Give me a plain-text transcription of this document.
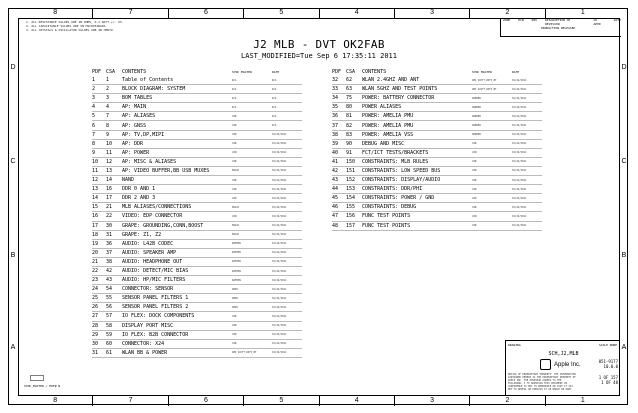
8	7	6	5	4	3	2	1
8	7	6	5	4	3	2	1
D
C
B
A
D
C
B
A
1. ALL RESISTANCE VALUES ARE IN OHMS, 0.1 WATT +/- 5%.
2. ALL CAPACITANCE VALUES ARE IN MICROFARADS.
3. ALL CRYSTALS & OSCILLATOR VALUES ARE IN HERTZ.
ZONE	ECN	REV	DESCRIPTION OF REVISION
CK APPD
DATE
PRODUCTION RELEASED
J2 MLB - DVT OK2FAB
LAST_MODIFIED=Tue Sep 6 17:35:11 2011
PDF CSA	CONTENTS	SYNC MASTER	DATE
1	1	Table of Contents	N/A	N/A
2	2	BLOCK DIAGRAM: SYSTEM	N/A	N/A
3	3	BOM TABLES	N/A	N/A
4	4	AP: MAIN	N/A	N/A
5	7	AP: ALIASES	JON	N/A
6	8	AP: GNSS	JON	N/A
7	9	AP: TV,DP,MIPI	JON	01/22/2011
8	10	AP: DDR	JON	01/22/2011
9	11	AP: POWER	JON	01/22/2011
10	12	AP: MISC & ALIASES	JON	01/22/2011
11	13	AP: VIDEO BUFFER,BB USB MUXES	MAGIC	01/22/2011
12	14	NAND	JON	01/22/2011
13	16	DDR 0 AND 1	JON	01/22/2011
14	17	DDR 2 AND 3	JON	01/22/2011
15	21	MLB ALIASES/CONNECTIONS	MAGIC	01/22/2011
16	22	VIDEO: EDP CONNECTOR	JON	01/22/2011
17	30	GRAPE: GROUNDING,CONN,BOOST	MAGIC	01/22/2011
18	31	GRAPE: Z1, Z2	MAGIC	01/22/2011
19	36	AUDIO: L42B CODEC	RAMTON	01/22/2011
20	37	AUDIO: SPEAKER AMP	RAMTON	01/22/2011
21	38	AUDIO: HEADPHONE OUT	RAMTON	01/22/2011
22	42	AUDIO: DETECT/MIC BIAS	RAMTON	01/22/2011
23	43	AUDIO: HP/MIC FILTERS	RAMTON	01/22/2011
24	54	CONNECTOR: SENSOR	AMIR	01/22/2011
25	55	SENSOR PANEL FILTERS 1	AMIR	01/22/2011
26	56	SENSOR PANEL FILTERS 2	AMIR	01/22/2011
27	57	IO FLEX: DOCK COMPONENTS	JON	01/22/2011
28	58	DISPLAY PORT MISC	JON	01/22/2011
29	59	IO FLEX: B2B CONNECTOR	JON	01/22/2011
30	60	CONNECTOR: X24	JON	01/22/2011
31	61	WLAN BB & POWER	AMI_SCOTT_WIFI_BT	01/22/2011
PDF CSA	CONTENTS	SYNC MASTER	DATE
32	62	WLAN 2.4GHZ AND ANT	AMI_SCOTT_WIFI_BT	01/22/2011
33	63	WLAN 5GHZ AND TEST POINTS	AMI_SCOTT_WIFI_BT	01/22/2011
34	75	POWER: BATTERY CONNECTOR	ANDREW	01/22/2011
35	80	POWER ALIASES	ANDREW	01/22/2011
36	81	POWER: AMELIA PMU	ANDREW	01/22/2011
37	82	POWER: AMELIA PMU	ANDREW	01/22/2011
38	83	POWER: AMELIA VSS	ANDREW	01/22/2011
39	90	DEBUG AND MISC	JON	01/22/2011
40	91	FCT/ICT TESTS/BRACKETS	JON	01/22/2011
41	150	CONSTRAINTS: MLB RULES	JON	01/22/2011
42	151	CONSTRAINTS: LOW SPEED BUS	JON	01/22/2011
43	152	CONSTRAINTS: DISPLAY/AUDIO	JON	01/22/2011
44	153	CONSTRAINTS: DDR/PHI	JON	01/22/2011
45	154	CONSTRAINTS: POWER / GND	JON	01/22/2011
46	155	CONSTRAINTS: DEBUG	JON	01/22/2011
47	156	FUNC TEST POINTS	JON	01/22/2011
48	157	FUNC TEST POINTS	JON	01/22/2011
DRAWING	SCALE NONE
SCH,J2,MLB
Apple Inc.
NOTICE OF PROPRIETARY PROPERTY: THE INFORMATION CONTAINED HEREIN IS THE PROPRIETARY PROPERTY OF APPLE INC. THE POSESSOR AGREES TO THE FOLLOWING: I TO MAINTAIN THIS DOCUMENT IN CONFIDENCE II NOT TO REPRODUCE OR COPY IT III NOT TO REVEAL OR PUBLISH IT IN WHOLE OR PART
051-9177
10.0.0
1 OF 157
1 OF 48
SYNC_MASTER / PDF# N
